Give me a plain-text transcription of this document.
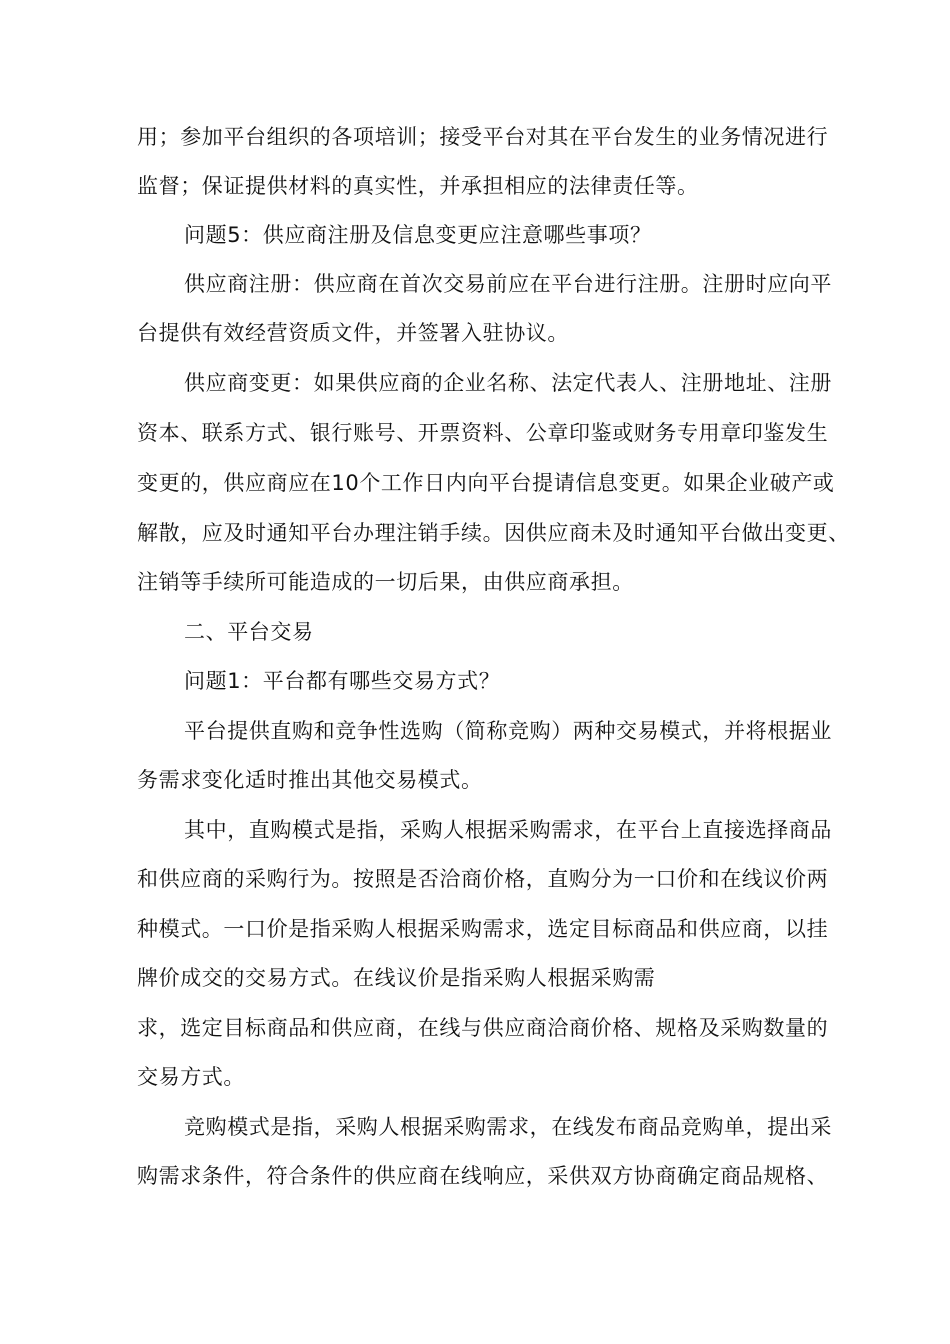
用；参加平台组织的各项培训；接受平台对其在平台发生的业务情况进行
监督；保证提供材料的真实性，并承担相应的法律责任等。
问题5：供应商注册及信息变更应注意哪些事项？
供应商注册：供应商在首次交易前应在平台进行注册。注册时应向平
台提供有效经营资质文件，并签署入驻协议。
供应商变更：如果供应商的企业名称、法定代表人、注册地址、注册
资本、联系方式、银行账号、开票资料、公章印鉴或财务专用章印鉴发生
变更的，供应商应在10个工作日内向平台提请信息变更。如果企业破产或
解散，应及时通知平台办理注销手续。因供应商未及时通知平台做出变更、
注销等手续所可能造成的一切后果，由供应商承担。
二、平台交易
问题1：平台都有哪些交易方式？
平台提供直购和竞争性选购（简称竞购）两种交易模式，并将根据业
务需求变化适时推出其他交易模式。
其中，直购模式是指，采购人根据采购需求，在平台上直接选择商品
和供应商的采购行为。按照是否洽商价格，直购分为一口价和在线议价两
种模式。一口价是指采购人根据采购需求，选定目标商品和供应商，以挂
牌价成交的交易方式。在线议价是指采购人根据采购需
求，选定目标商品和供应商，在线与供应商洽商价格、规格及采购数量的
交易方式。
竞购模式是指，采购人根据采购需求，在线发布商品竞购单，提出采
购需求条件，符合条件的供应商在线响应，采供双方协商确定商品规格、
